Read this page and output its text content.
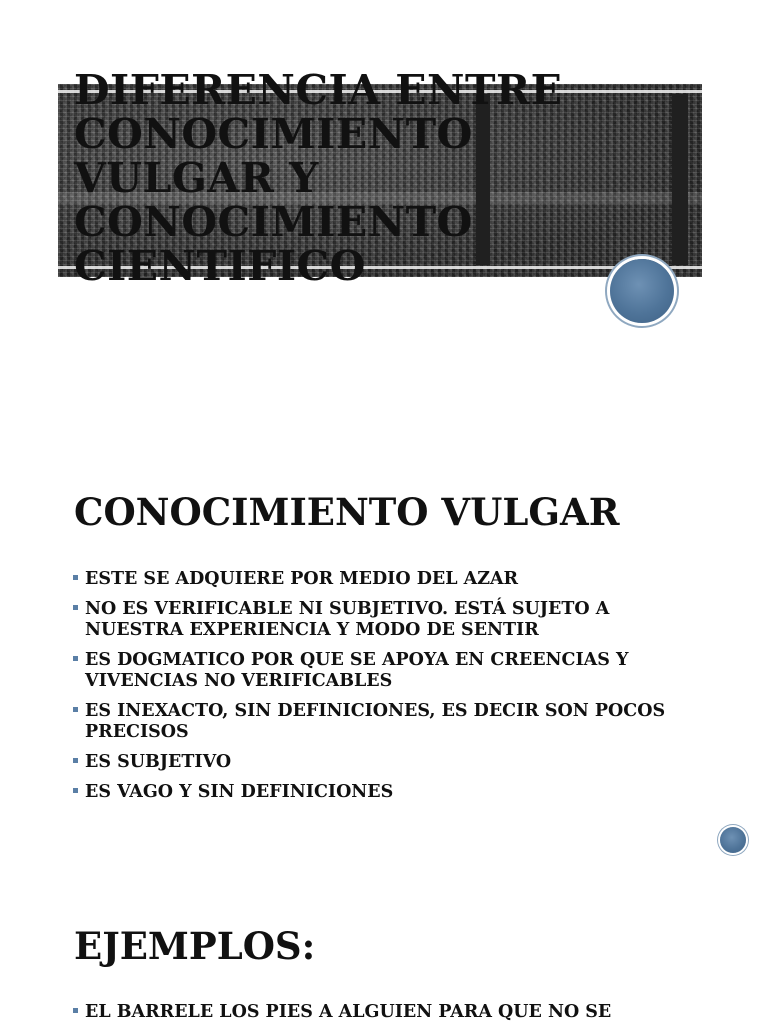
DIFERENCIA ENTRE CONOCIMIENTO VULGAR Y CONOCIMIENTO CIENTIFICO
CONOCIMIENTO VULGAR
ESTE SE ADQUIERE POR MEDIO DEL AZAR
NO ES VERIFICABLE NI SUBJETIVO. ESTÁ SUJETO A NUESTRA EXPERIENCIA Y MODO DE SENTIR
ES DOGMATICO POR QUE SE APOYA EN CREENCIAS Y VIVENCIAS NO VERIFICABLES
ES INEXACTO, SIN DEFINICIONES, ES DECIR SON POCOS PRECISOS
ES SUBJETIVO
ES VAGO Y SIN DEFINICIONES
EJEMPLOS:
EL BARRELE LOS PIES A ALGUIEN PARA QUE NO SE
